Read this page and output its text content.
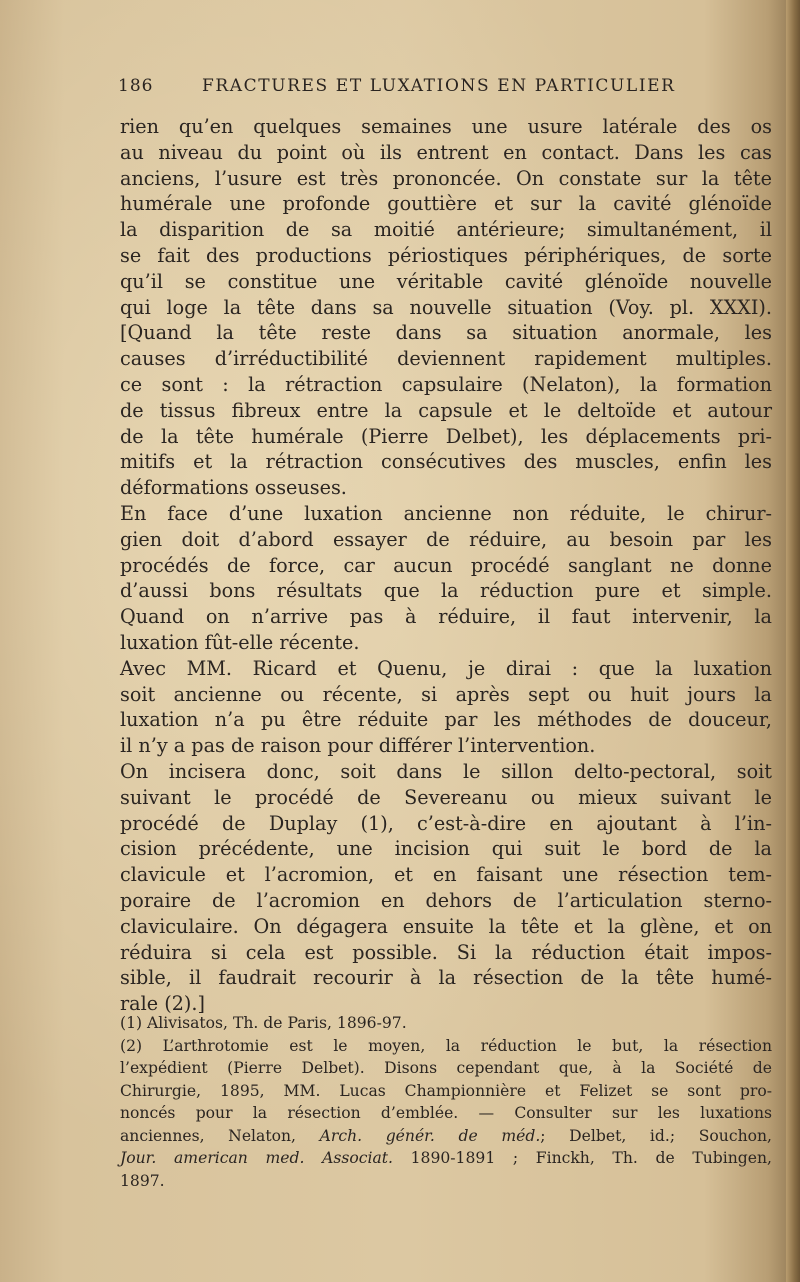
186	FRACTURES ET LUXATIONS EN PARTICULIER
rien qu’en quelques semaines une usure latérale des os
au niveau du point où ils entrent en contact. Dans les cas
anciens, l’usure est très prononcée. On constate sur la tête
humérale une profonde gouttière et sur la cavité glénoïde
la disparition de sa moitié antérieure; simultanément, il
se fait des productions périostiques périphériques, de sorte
qu’il se constitue une véritable cavité glénoïde nouvelle
qui loge la tête dans sa nouvelle situation (Voy. pl. XXXI).
[Quand la tête reste dans sa situation anormale, les
causes d’irréductibilité deviennent rapidement multiples.
ce sont : la rétraction capsulaire (Nelaton), la formation
de tissus fibreux entre la capsule et le deltoïde et autour
de la tête humérale (Pierre Delbet), les déplacements pri-
mitifs et la rétraction consécutives des muscles, enfin les
déformations osseuses.
En face d’une luxation ancienne non réduite, le chirur-
gien doit d’abord essayer de réduire, au besoin par les
procédés de force, car aucun procédé sanglant ne donne
d’aussi bons résultats que la réduction pure et simple.
Quand on n’arrive pas à réduire, il faut intervenir, la
luxation fût-elle récente.
Avec MM. Ricard et Quenu, je dirai : que la luxation
soit ancienne ou récente, si après sept ou huit jours la
luxation n’a pu être réduite par les méthodes de douceur,
il n’y a pas de raison pour différer l’intervention.
On incisera donc, soit dans le sillon delto-pectoral, soit
suivant le procédé de Severeanu ou mieux suivant le
procédé de Duplay (1), c’est-à-dire en ajoutant à l’in-
cision précédente, une incision qui suit le bord de la
clavicule et l’acromion, et en faisant une résection tem-
poraire de l’acromion en dehors de l’articulation sterno-
claviculaire. On dégagera ensuite la tête et la glène, et on
réduira si cela est possible. Si la réduction était impos-
sible, il faudrait recourir à la résection de la tête humé-
rale (2).]
(1) Alivisatos, Th. de Paris, 1896-97.
(2) L’arthrotomie est le moyen, la réduction le but, la résection
l’expédient (Pierre Delbet). Disons cependant que, à la Société de
Chirurgie, 1895, MM. Lucas Championnière et Felizet se sont pro-
noncés pour la résection d’emblée. — Consulter sur les luxations
anciennes, Nelaton, Arch. génér. de méd.; Delbet, id.; Souchon,
Jour. american med. Associat. 1890-1891 ; Finckh, Th. de Tubingen,
1897.
